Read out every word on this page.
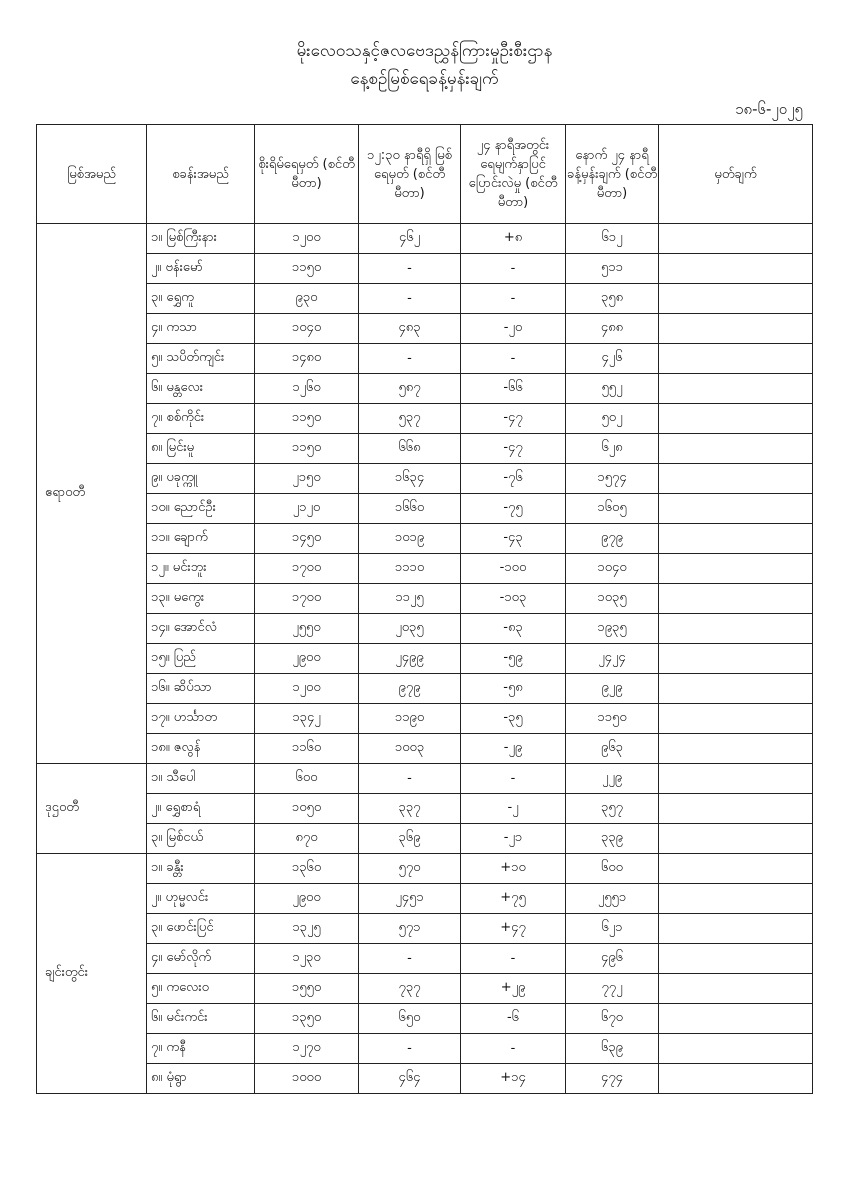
မိုးလေဝသနှင့်ဇလဗေဒညွှန်ကြားမှုဦးစီးဌာန
နေ့စဉ်မြစ်ရေခန့်မှန်းချက်
၁၈-၆-၂၀၂၅
မြစ်အမည်	စခန်းအမည်	စိုးရိမ်ရေမှတ် (စင်တီမီတာ)	၁၂:၃၀ နာရီရှိ မြစ်ရေမှတ် (စင်တီမီတာ)	၂၄ နာရီအတွင်း ရေမျက်နှာပြင် ပြောင်းလဲမှု (စင်တီမီတာ)	နောက် ၂၄ နာရီ ခန့်မှန်းချက် (စင်တီမီတာ)	မှတ်ချက်
ဧရာဝတီ	၁။ မြစ်ကြီးနား	၁၂၀၀	၄၆၂	+၈	၆၁၂	
	၂။ ဗန်းမော်	၁၁၅၀	-	-	၅၁၁	
	၃။ ရွှေကူ	၉၃၀	-	-	၃၅၈	
	၄။ ကသာ	၁၀၄၀	၄၈၃	-၂၀	၄၈၈	
	၅။ သပိတ်ကျင်း	၁၄၈၀	-	-	၄၂၆	
	၆။ မန္တလေး	၁၂၆၀	၅၈၇	-၆၆	၅၅၂	
	၇။ စစ်ကိုင်း	၁၁၅၀	၅၃၇	-၄၇	၅၀၂	
	၈။ မြင်းမူ	၁၁၅၀	၆၆၈	-၄၇	၆၂၈	
	၉။ ပခုက္ကူ	၂၁၅၀	၁၆၃၄	-၇၆	၁၅၇၄	
	၁၀။ ညောင်ဦး	၂၁၂၀	၁၆၆၀	-၇၅	၁၆၀၅	
	၁၁။ ချောက်	၁၄၅၀	၁၀၁၉	-၄၃	၉၇၉	
	၁၂။ မင်းဘူး	၁၇၀၀	၁၁၁၀	-၁၀၀	၁၀၄၀	
	၁၃။ မကွေး	၁၇၀၀	၁၁၂၅	-၁၀၃	၁၀၃၅	
	၁၄။ အောင်လံ	၂၅၅၀	၂၀၃၅	-၈၃	၁၉၃၅	
	၁၅။ ပြည်	၂၉၀၀	၂၄၉၉	-၅၉	၂၄၂၄	
	၁၆။ ဆိပ်သာ	၁၂၀၀	၉၇၉	-၅၈	၉၂၉	
	၁၇။ ဟင်္သာတ	၁၃၄၂	၁၁၉၀	-၃၅	၁၁၅၀	
	၁၈။ ဇလွန်	၁၁၆၀	၁၀၀၃	-၂၉	၉၆၃	
ဒုဌဝတီ	၁။ သီပေါ	၆၀၀	-	-	၂၂၉	
	၂။ ရွှေစာရံ	၁၀၅၀	၃၃၇	-၂	၃၅၇	
	၃။ မြစ်ငယ်	၈၇၀	၃၆၉	-၂၁	၃၃၉	
ချင်းတွင်း	၁။ ခန္တီး	၁၃၆၀	၅၇၀	+၁၀	၆၀၀	
	၂။ ဟုမ္မလင်း	၂၉၀၀	၂၄၅၁	+၇၅	၂၅၅၁	
	၃။ ဖောင်းပြင်	၁၃၂၅	၅၇၁	+၄၇	၆၂၁	
	၄။ မော်လိုက်	၁၂၃၀	-	-	၄၉၆	
	၅။ ကလေးဝ	၁၅၅၀	၇၃၇	+၂၉	၇၇၂	
	၆။ မင်းကင်း	၁၃၅၀	၆၅၀	-၆	၆၇၀	
	၇။ ကနီ	၁၂၇၀	-	-	၆၃၉	
	၈။ မုံရွာ	၁၀၀၀	၄၆၄	+၁၄	၄၇၄	
